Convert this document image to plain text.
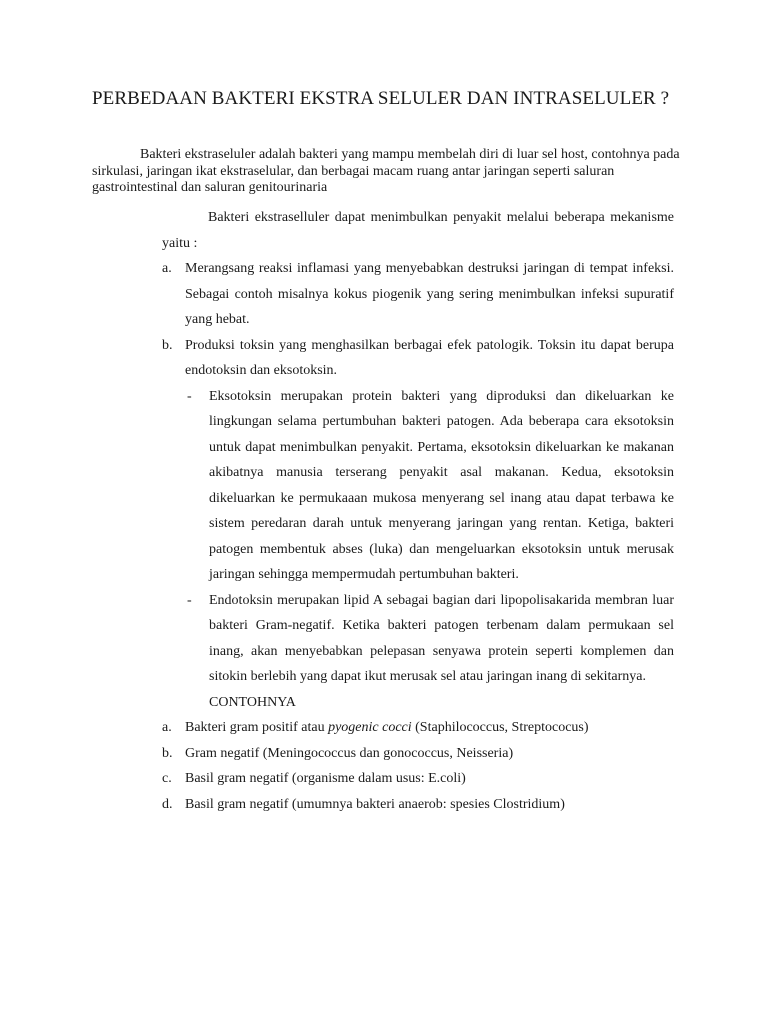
PERBEDAAN BAKTERI EKSTRA SELULER DAN INTRASELULER ?
Bakteri ekstraseluler adalah bakteri yang mampu membelah diri di luar sel host, contohnya pada sirkulasi, jaringan ikat ekstraselular, dan berbagai macam ruang antar jaringan seperti saluran gastrointestinal dan saluran genitourinaria

Bakteri ekstraselluler dapat menimbulkan penyakit melalui beberapa mekanisme yaitu :

a. Merangsang reaksi inflamasi yang menyebabkan destruksi jaringan di tempat infeksi. Sebagai contoh misalnya kokus piogenik yang sering menimbulkan infeksi supuratif yang hebat.
b. Produksi toksin yang menghasilkan berbagai efek patologik. Toksin itu dapat berupa endotoksin dan eksotoksin.
- Eksotoksin merupakan protein bakteri yang diproduksi dan dikeluarkan ke lingkungan selama pertumbuhan bakteri patogen. Ada beberapa cara eksotoksin untuk dapat menimbulkan penyakit. Pertama, eksotoksin dikeluarkan ke makanan akibatnya manusia terserang penyakit asal makanan. Kedua, eksotoksin dikeluarkan ke permukaaan mukosa menyerang sel inang atau dapat terbawa ke sistem peredaran darah untuk menyerang jaringan yang rentan. Ketiga, bakteri patogen membentuk abses (luka) dan mengeluarkan eksotoksin untuk merusak jaringan sehingga mempermudah pertumbuhan bakteri.
- Endotoksin merupakan lipid A sebagai bagian dari lipopolisakarida membran luar bakteri Gram-negatif. Ketika bakteri patogen terbenam dalam permukaan sel inang, akan menyebabkan pelepasan senyawa protein seperti komplemen dan sitokin berlebih yang dapat ikut merusak sel atau jaringan inang di sekitarnya.
CONTOHNYA
a. Bakteri gram positif atau pyogenic cocci (Staphilococcus, Streptococus)
b. Gram negatif (Meningococcus dan gonococcus, Neisseria)
c. Basil gram negatif (organisme dalam usus: E.coli)
d. Basil gram negatif (umumnya bakteri anaerob: spesies Clostridium)
